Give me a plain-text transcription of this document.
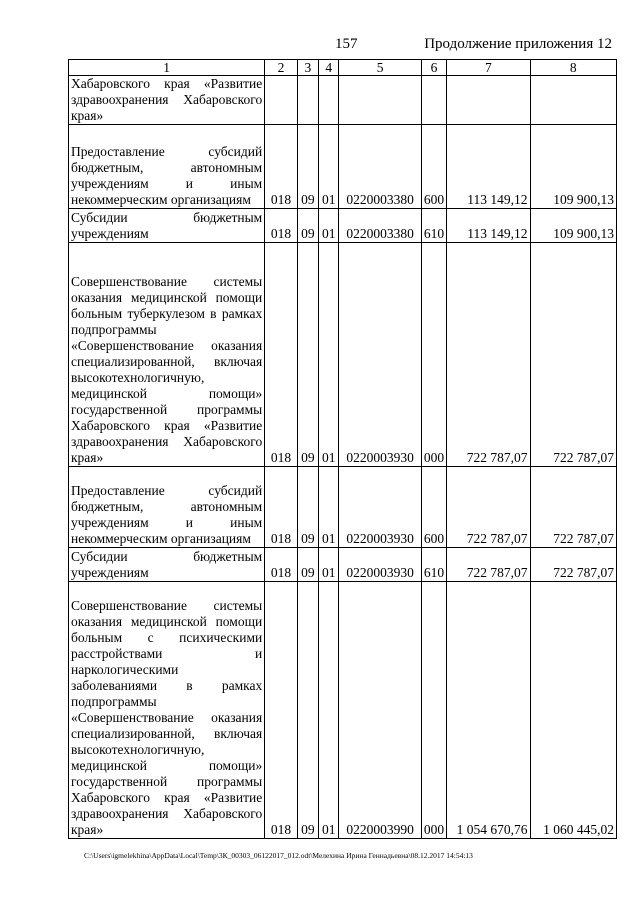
157	Продолжение приложения 12
1	2	3	4	5	6	7	8
Хабаровского края «Развитие здравоохранения Хабаровского края»							
Предоставление субсидий бюджетным, автономным учреждениям и иным некоммерческим организациям	018	09	01	0220003380	600	113 149,12	109 900,13
Субсидии бюджетным учреждениям	018	09	01	0220003380	610	113 149,12	109 900,13
Совершенствование системы оказания медицинской помощи больным туберкулезом в рамках подпрограммы «Совершенствование оказания специализированной, включая высокотехнологичную, медицинской помощи» государственной программы Хабаровского края «Развитие здравоохранения Хабаровского края»	018	09	01	0220003930	000	722 787,07	722 787,07
Предоставление субсидий бюджетным, автономным учреждениям и иным некоммерческим организациям	018	09	01	0220003930	600	722 787,07	722 787,07
Субсидии бюджетным учреждениям	018	09	01	0220003930	610	722 787,07	722 787,07
Совершенствование системы оказания медицинской помощи больным с психическими расстройствами и наркологическими заболеваниями в рамках подпрограммы «Совершенствование оказания специализированной, включая высокотехнологичную, медицинской помощи» государственной программы Хабаровского края «Развитие здравоохранения Хабаровского края»	018	09	01	0220003990	000	1 054 670,76	1 060 445,02
C:\Users\igmelekhina\AppData\Local\Temp\3К_00303_06122017_012.odt\Мелехина Ирина Геннадьевна\08.12.2017 14:54:13
